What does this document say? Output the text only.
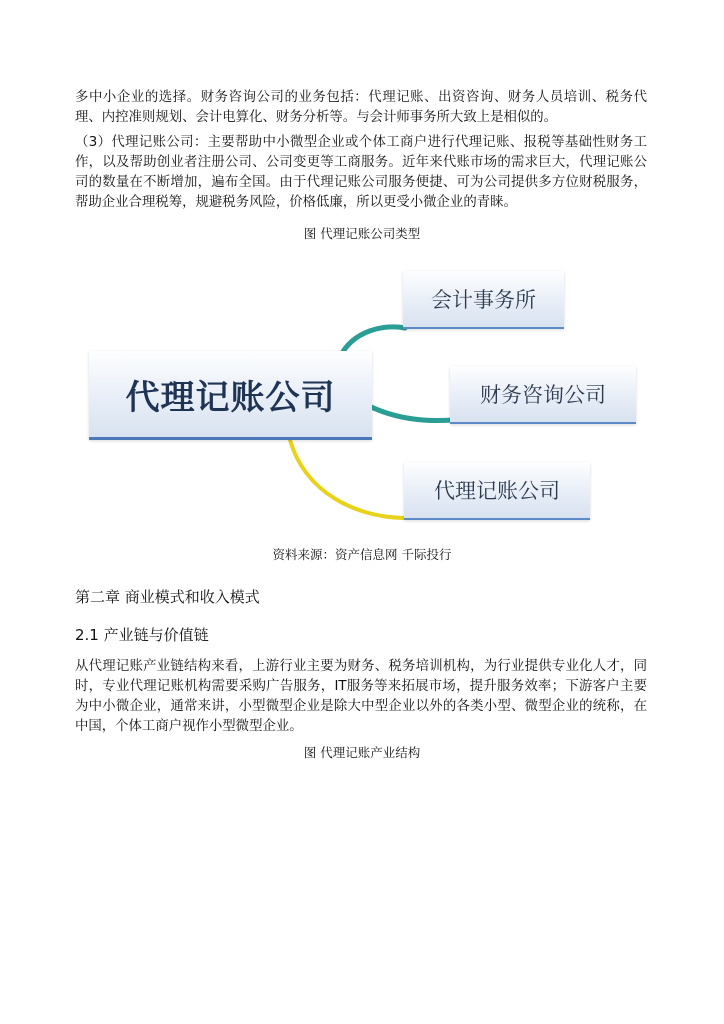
多中小企业的选择。财务咨询公司的业务包括：代理记账、出资咨询、财务人员培训、税务代理、内控准则规划、会计电算化、财务分析等。与会计师事务所大致上是相似的。

（3）代理记账公司：主要帮助中小微型企业或个体工商户进行代理记账、报税等基础性财务工作，以及帮助创业者注册公司、公司变更等工商服务。近年来代账市场的需求巨大，代理记账公司的数量在不断增加，遍布全国。由于代理记账公司服务便捷、可为公司提供多方位财税服务，帮助企业合理税筹，规避税务风险，价格低廉，所以更受小微企业的青睐。

图 代理记账公司类型
代理记账公司
会计事务所
财务咨询公司
代理记账公司
资料来源：资产信息网 千际投行
第二章 商业模式和收入模式
2.1 产业链与价值链

从代理记账产业链结构来看，上游行业主要为财务、税务培训机构，为行业提供专业化人才，同时，专业代理记账机构需要采购广告服务，IT服务等来拓展市场，提升服务效率；下游客户主要为中小微企业，通常来讲，小型微型企业是除大中型企业以外的各类小型、微型企业的统称，在中国，个体工商户视作小型微型企业。

图 代理记账产业结构
